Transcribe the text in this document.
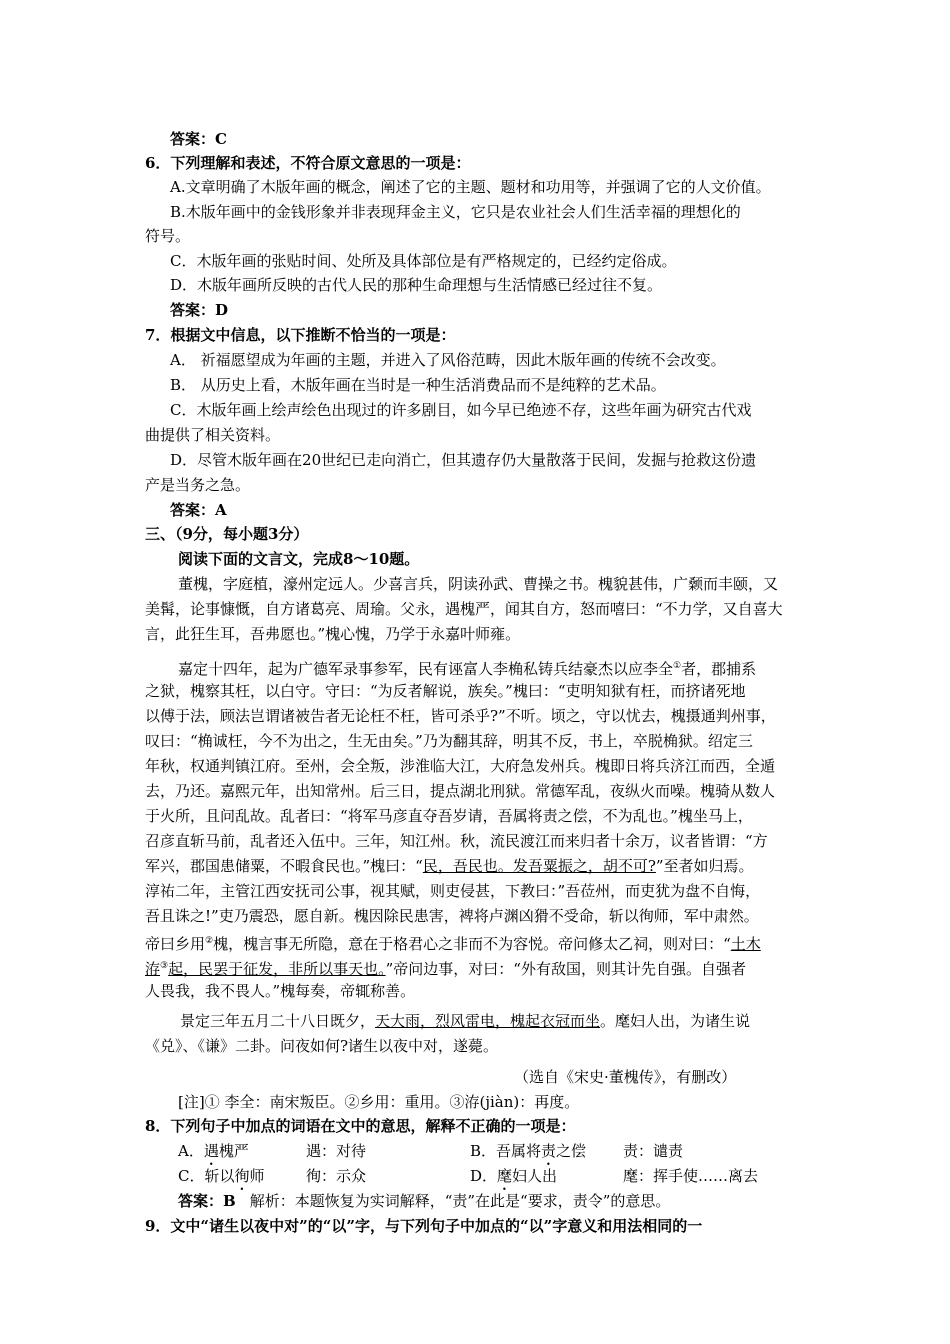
答案：C
6．下列理解和表述，不符合原文意思的一项是：
A.文章明确了木版年画的概念，阐述了它的主题、题材和功用等，并强调了它的人文价值。
B.木版年画中的金钱形象并非表现拜金主义，它只是农业社会人们生活幸福的理想化的
符号。
C．木版年画的张贴时间、处所及具体部位是有严格规定的，已经约定俗成。
D．木版年画所反映的古代人民的那种生命理想与生活情感已经过往不复。
答案：D
7．根据文中信息，以下推断不恰当的一项是：
A． 祈福愿望成为年画的主题，并进入了风俗范畴，因此木版年画的传统不会改变。
B． 从历史上看，木版年画在当时是一种生活消费品而不是纯粹的艺术品。
C．木版年画上绘声绘色出现过的许多剧目，如今早已绝迹不存，这些年画为研究古代戏
曲提供了相关资料。
D．尽管木版年画在20世纪已走向消亡，但其遗存仍大量散落于民间，发掘与抢救这份遗
产是当务之急。
答案：A
三、（9分，每小题3分）
阅读下面的文言文，完成8～10题。
董槐，字庭植，濠州定远人。少喜言兵，阴读孙武、曹操之书。槐貌甚伟，广颡而丰颐，又
美髯，论事慷慨，自方诸葛亮、周瑜。父永，遇槐严，闻其自方，怒而嘻曰：“不力学，又自喜大
言，此狂生耳，吾弗愿也。”槐心愧，乃学于永嘉叶师雍。
嘉定十四年，起为广德军录事参军，民有诬富人李桷私铸兵结豪杰以应李全①者，郡捕系
之狱，槐察其枉，以白守。守曰：“为反者解说，族矣。”槐曰：“吏明知狱有枉，而挤诸死地
以傅于法，顾法岂谓诸被告者无论枉不枉，皆可杀乎?”不听。顷之，守以忧去，槐摄通判州事，
叹曰：“桷诚枉，今不为出之，生无由矣。”乃为翻其辞，明其不反，书上，卒脱桷狱。绍定三
年秋，权通判镇江府。至州，会全叛，涉淮临大江，大府急发州兵。槐即日将兵济江而西，全遁
去，乃还。嘉熙元年，出知常州。后三日，提点湖北刑狱。常德军乱，夜纵火而噪。槐骑从数人
于火所，且问乱故。乱者曰：“将军马彦直夺吾岁请，吾属将责之偿，不为乱也。”槐坐马上，
召彦直斩马前，乱者还入伍中。三年，知江州。秋，流民渡江而来归者十余万，议者皆谓：“方
军兴，郡国患储粟，不暇食民也。”槐曰：“民，吾民也。发吾粟振之，胡不可?”至者如归焉。
淳祐二年，主管江西安抚司公事，视其赋，则吏侵甚，下教曰：”吾莅州，而吏犹为盘不自悔，
吾且诛之!”吏乃震恐，愿自新。槐因除民患害，裨将卢渊凶猾不受命，斩以徇师，军中肃然。
帝曰乡用②槐，槐言事无所隐，意在于格君心之非而不为容悦。帝问修太乙祠，则对曰：“土木
洊③起，民罢于征发，非所以事天也。”帝问边事，对曰：“外有敌国，则其计先自强。自强者
人畏我，我不畏人。”槐每奏，帝辄称善。
景定三年五月二十八日既夕，天大雨，烈风雷电，槐起衣冠而坐。麾妇人出，为诸生说
《兑》、《谦》二卦。问夜如何?诸生以夜中对，遂薨。
（选自《宋史·董槐传》，有删改）
[注]① 李全：南宋叛臣。②乡用：重用。③洊(jiàn)：再度。
8．下列句子中加点的词语在文中的意思，解释不正确的一项是：
A．遇槐严	遇：对待	B．吾属将责之偿 责：谴责
C．斩以徇师	徇：示众	D．麾妇人出	麾：挥手使……离去
答案：B 解析：本题恢复为实词解释，“责”在此是“要求，责令”的意思。
9．文中“诸生以夜中对”的“以”字，与下列句子中加点的“以”字意义和用法相同的一
